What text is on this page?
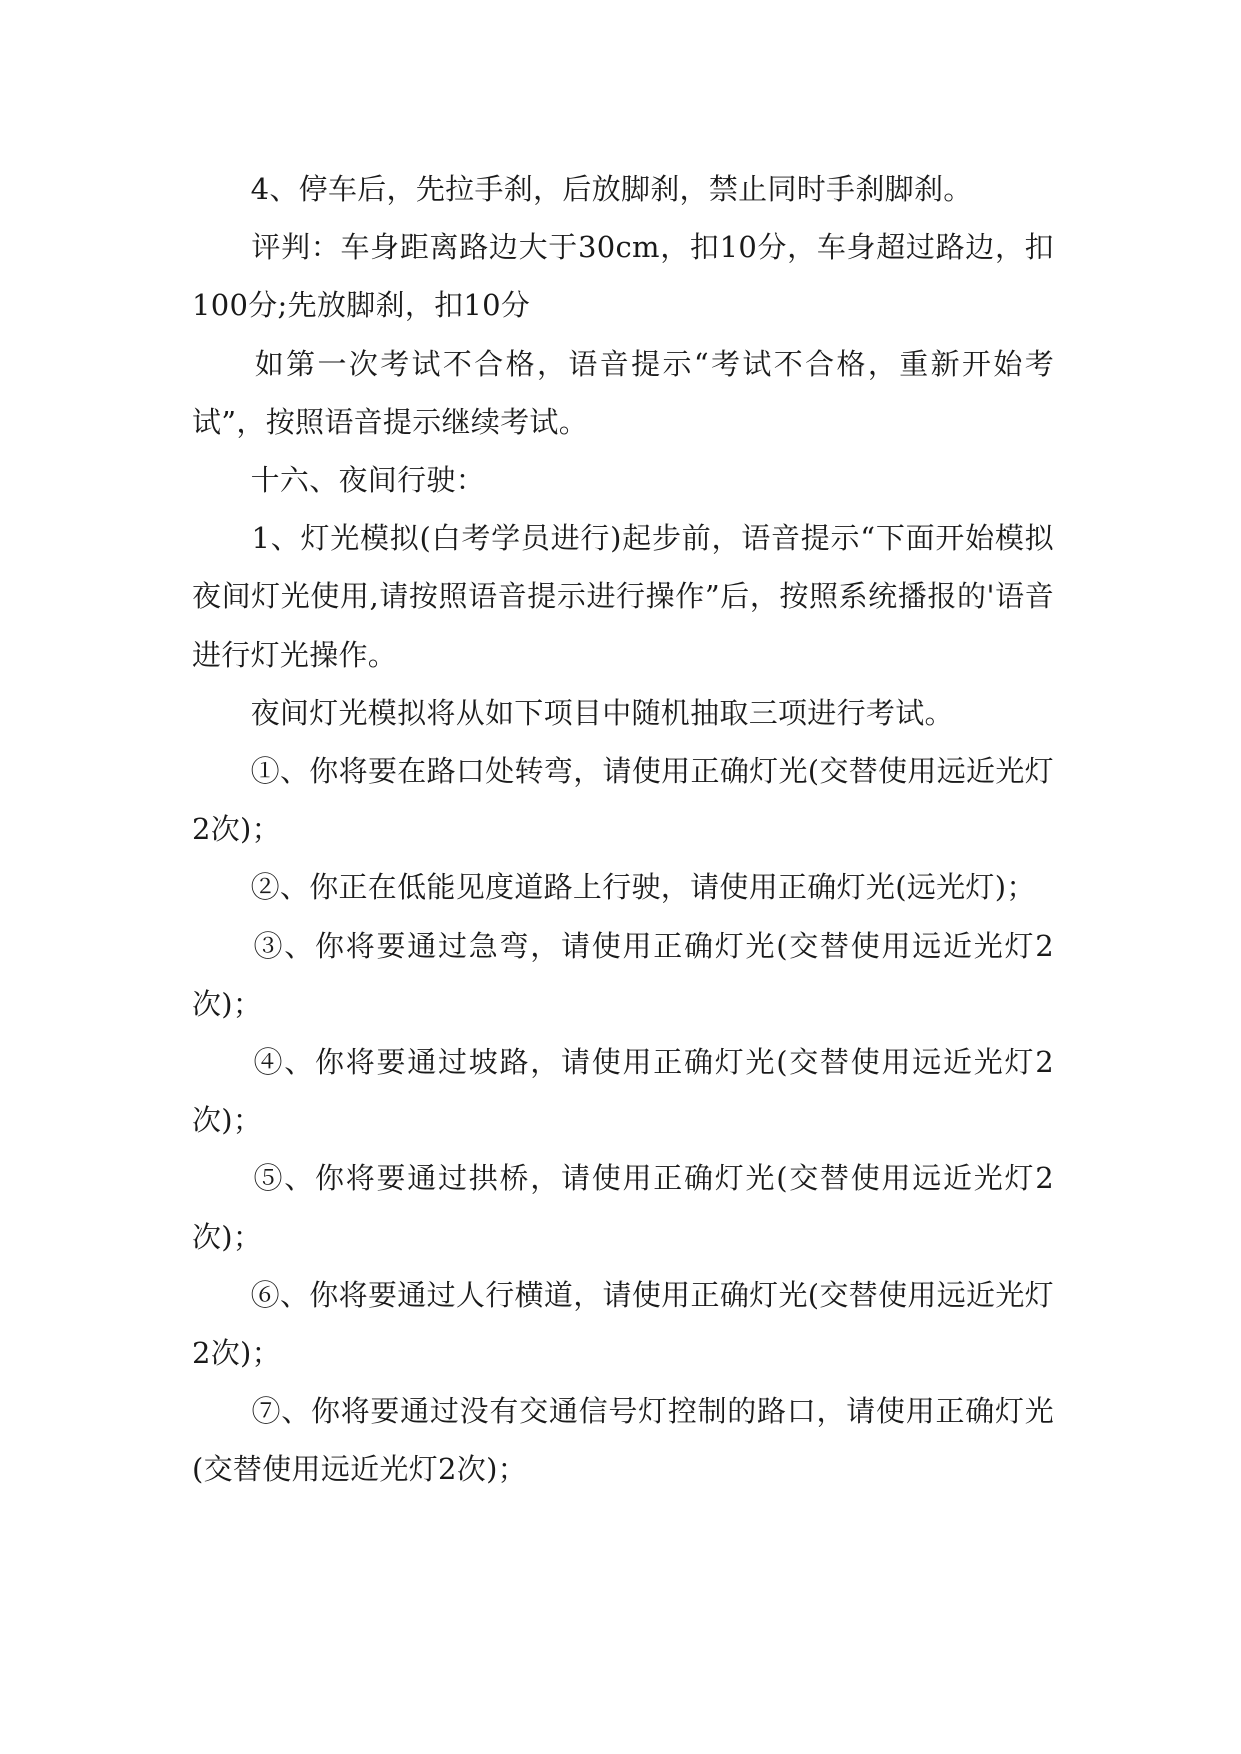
　　4、停车后，先拉手刹，后放脚刹，禁止同时手刹脚刹。

　　评判：车身距离路边大于30cm，扣10分，车身超过路边，扣100分;先放脚刹，扣10分

　　如第一次考试不合格，语音提示“考试不合格，重新开始考试”，按照语音提示继续考试。

　　十六、夜间行驶：

　　1、灯光模拟(白考学员进行)起步前，语音提示“下面开始模拟夜间灯光使用,请按照语音提示进行操作”后，按照系统播报的'语音进行灯光操作。

　　夜间灯光模拟将从如下项目中随机抽取三项进行考试。

　　①、你将要在路口处转弯，请使用正确灯光(交替使用远近光灯2次)；

　　②、你正在低能见度道路上行驶，请使用正确灯光(远光灯)；

　　③、你将要通过急弯，请使用正确灯光(交替使用远近光灯2次)；

　　④、你将要通过坡路，请使用正确灯光(交替使用远近光灯2次)；

　　⑤、你将要通过拱桥，请使用正确灯光(交替使用远近光灯2次)；

　　⑥、你将要通过人行横道，请使用正确灯光(交替使用远近光灯2次)；

　　⑦、你将要通过没有交通信号灯控制的路口，请使用正确灯光(交替使用远近光灯2次)；
